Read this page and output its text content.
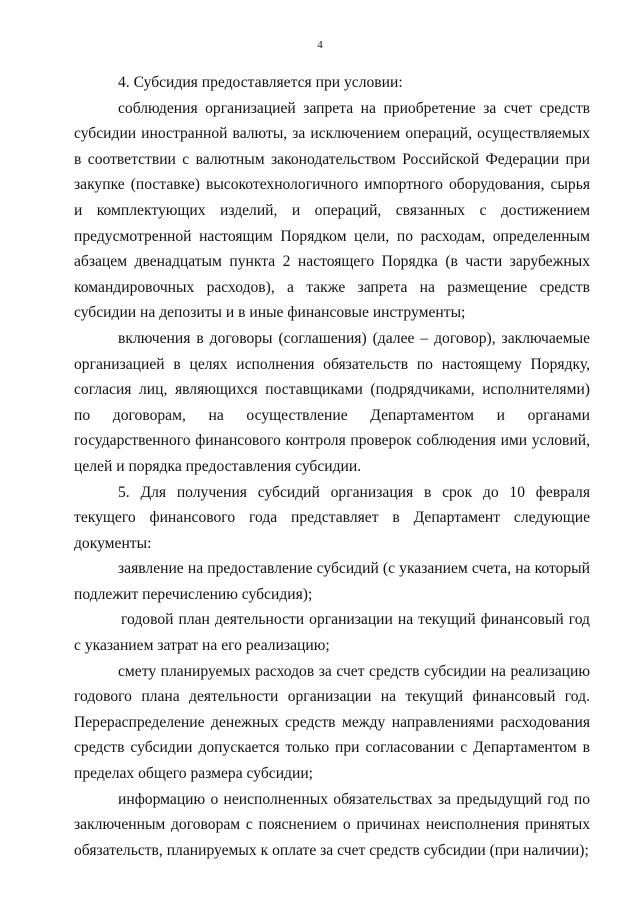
4

4. Субсидия предоставляется при условии:

соблюдения организацией запрета на приобретение за счет средств субсидии иностранной валюты, за исключением операций, осуществляемых в соответствии с валютным законодательством Российской Федерации при закупке (поставке) высокотехнологичного импортного оборудования, сырья и комплектующих изделий, и операций, связанных с достижением предусмотренной настоящим Порядком цели, по расходам, определенным абзацем двенадцатым пункта 2 настоящего Порядка (в части зарубежных командировочных расходов), а также запрета на размещение средств субсидии на депозиты и в иные финансовые инструменты;

включения в договоры (соглашения) (далее – договор), заключаемые организацией в целях исполнения обязательств по настоящему Порядку, согласия лиц, являющихся поставщиками (подрядчиками, исполнителями) по договорам, на осуществление Департаментом и органами государственного финансового контроля проверок соблюдения ими условий, целей и порядка предоставления субсидии.

5. Для получения субсидий организация в срок до 10 февраля текущего финансового года представляет в Департамент следующие документы:

заявление на предоставление субсидий (с указанием счета, на который подлежит перечислению субсидия);

годовой план деятельности организации на текущий финансовый год с указанием затрат на его реализацию;

смету планируемых расходов за счет средств субсидии на реализацию годового плана деятельности организации на текущий финансовый год. Перераспределение денежных средств между направлениями расходования средств субсидии допускается только при согласовании с Департаментом в пределах общего размера субсидии;

информацию о неисполненных обязательствах за предыдущий год по заключенным договорам с пояснением о причинах неисполнения принятых обязательств, планируемых к оплате за счет средств субсидии (при наличии);
